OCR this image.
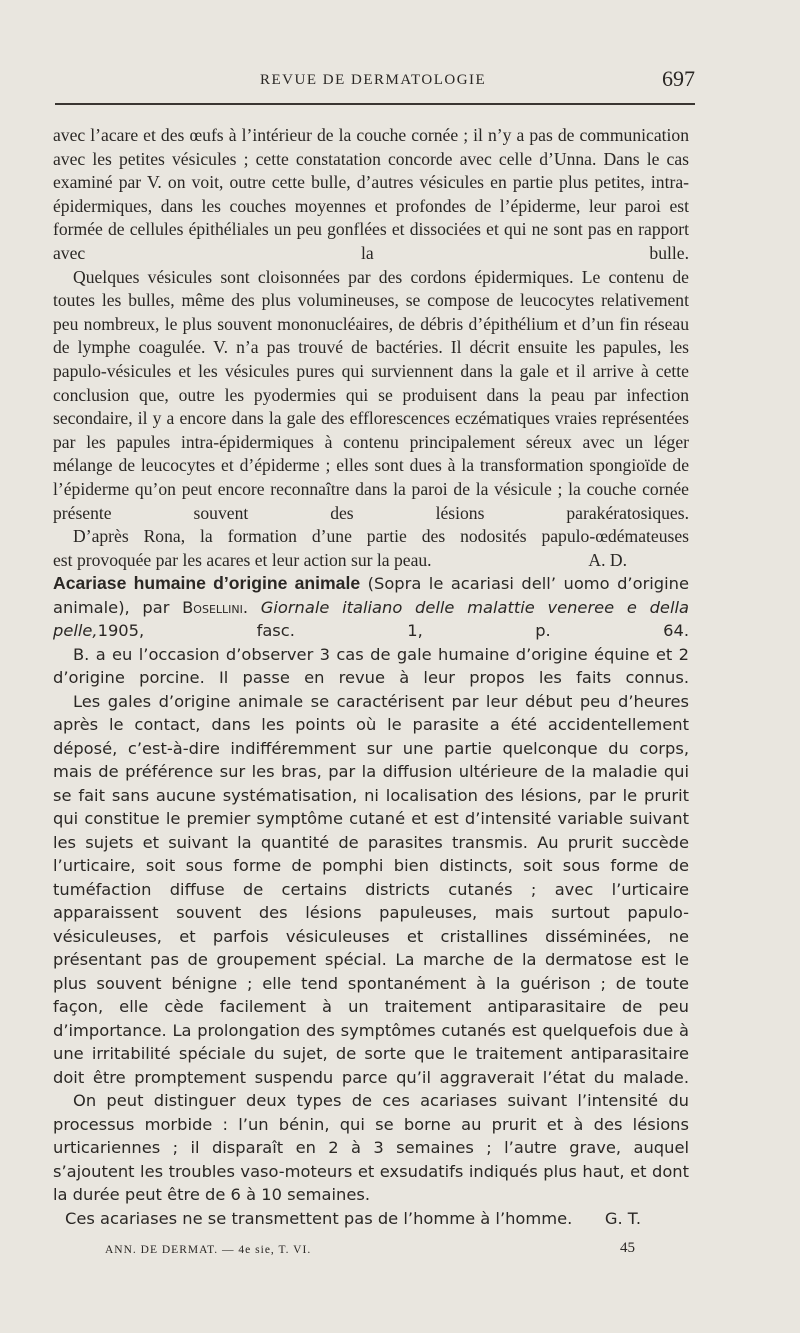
REVUE DE DERMATOLOGIE	697

avec l’acare et des œufs à l’intérieur de la couche cornée ; il n’y a pas de communication avec les petites vésicules ; cette constatation concorde avec celle d’Unna. Dans le cas examiné par V. on voit, outre cette bulle, d’autres vésicules en partie plus petites, intra-épidermiques, dans les couches moyennes et profondes de l’épiderme, leur paroi est formée de cellules épithéliales un peu gonflées et dissociées et qui ne sont pas en rapport avec la bulle.

Quelques vésicules sont cloisonnées par des cordons épidermiques. Le contenu de toutes les bulles, même des plus volumineuses, se compose de leucocytes relativement peu nombreux, le plus souvent mononucléaires, de débris d’épithélium et d’un fin réseau de lymphe coagulée. V. n’a pas trouvé de bactéries. Il décrit ensuite les papules, les papulo-vésicules et les vésicules pures qui surviennent dans la gale et il arrive à cette conclusion que, outre les pyodermies qui se produisent dans la peau par infection secondaire, il y a encore dans la gale des efflorescences eczématiques vraies représentées par les papules intra-épidermiques à contenu principalement séreux avec un léger mélange de leucocytes et d’épiderme ; elles sont dues à la transformation spongioïde de l’épiderme qu’on peut encore reconnaître dans la paroi de la vésicule ; la couche cornée présente souvent des lésions parakératosiques.

D’après Rona, la formation d’une partie des nodosités papulo-œdémateuses

est provoquée par les acares et leur action sur la peau.	A. D.

Acariase humaine d’origine animale (Sopra le acariasi dell’ uomo d’origine animale), par Bosellini. Giornale italiano delle malattie veneree e della pelle,1905, fasc. 1, p. 64.

B. a eu l’occasion d’observer 3 cas de gale humaine d’origine équine et 2 d’origine porcine. Il passe en revue à leur propos les faits connus.

Les gales d’origine animale se caractérisent par leur début peu d’heures après le contact, dans les points où le parasite a été accidentellement déposé, c’est-à-dire indifféremment sur une partie quelconque du corps, mais de préférence sur les bras, par la diffusion ultérieure de la maladie qui se fait sans aucune systématisation, ni localisation des lésions, par le prurit qui constitue le premier symptôme cutané et est d’intensité variable suivant les sujets et suivant la quantité de parasites transmis. Au prurit succède l’urticaire, soit sous forme de pomphi bien distincts, soit sous forme de tuméfaction diffuse de certains districts cutanés ; avec l’urticaire apparaissent souvent des lésions papuleuses, mais surtout papulo-vésiculeuses, et parfois vésiculeuses et cristallines disséminées, ne présentant pas de groupement spécial. La marche de la dermatose est le plus souvent bénigne ; elle tend spontanément à la guérison ; de toute façon, elle cède facilement à un traitement antiparasitaire de peu d’importance. La prolongation des symptômes cutanés est quelquefois due à une irritabilité spéciale du sujet, de sorte que le traitement antiparasitaire doit être promptement suspendu parce qu’il aggraverait l’état du malade.

On peut distinguer deux types de ces acariases suivant l’intensité du processus morbide : l’un bénin, qui se borne au prurit et à des lésions urticariennes ; il disparaît en 2 à 3 semaines ; l’autre grave, auquel s’ajoutent les troubles vaso-moteurs et exsudatifs indiqués plus haut, et dont la durée peut être de 6 à 10 semaines.

Ces acariases ne se transmettent pas de l’homme à l’homme. G. T.
ANN. DE DERMAT. — 4e sie, T. VI.	45
